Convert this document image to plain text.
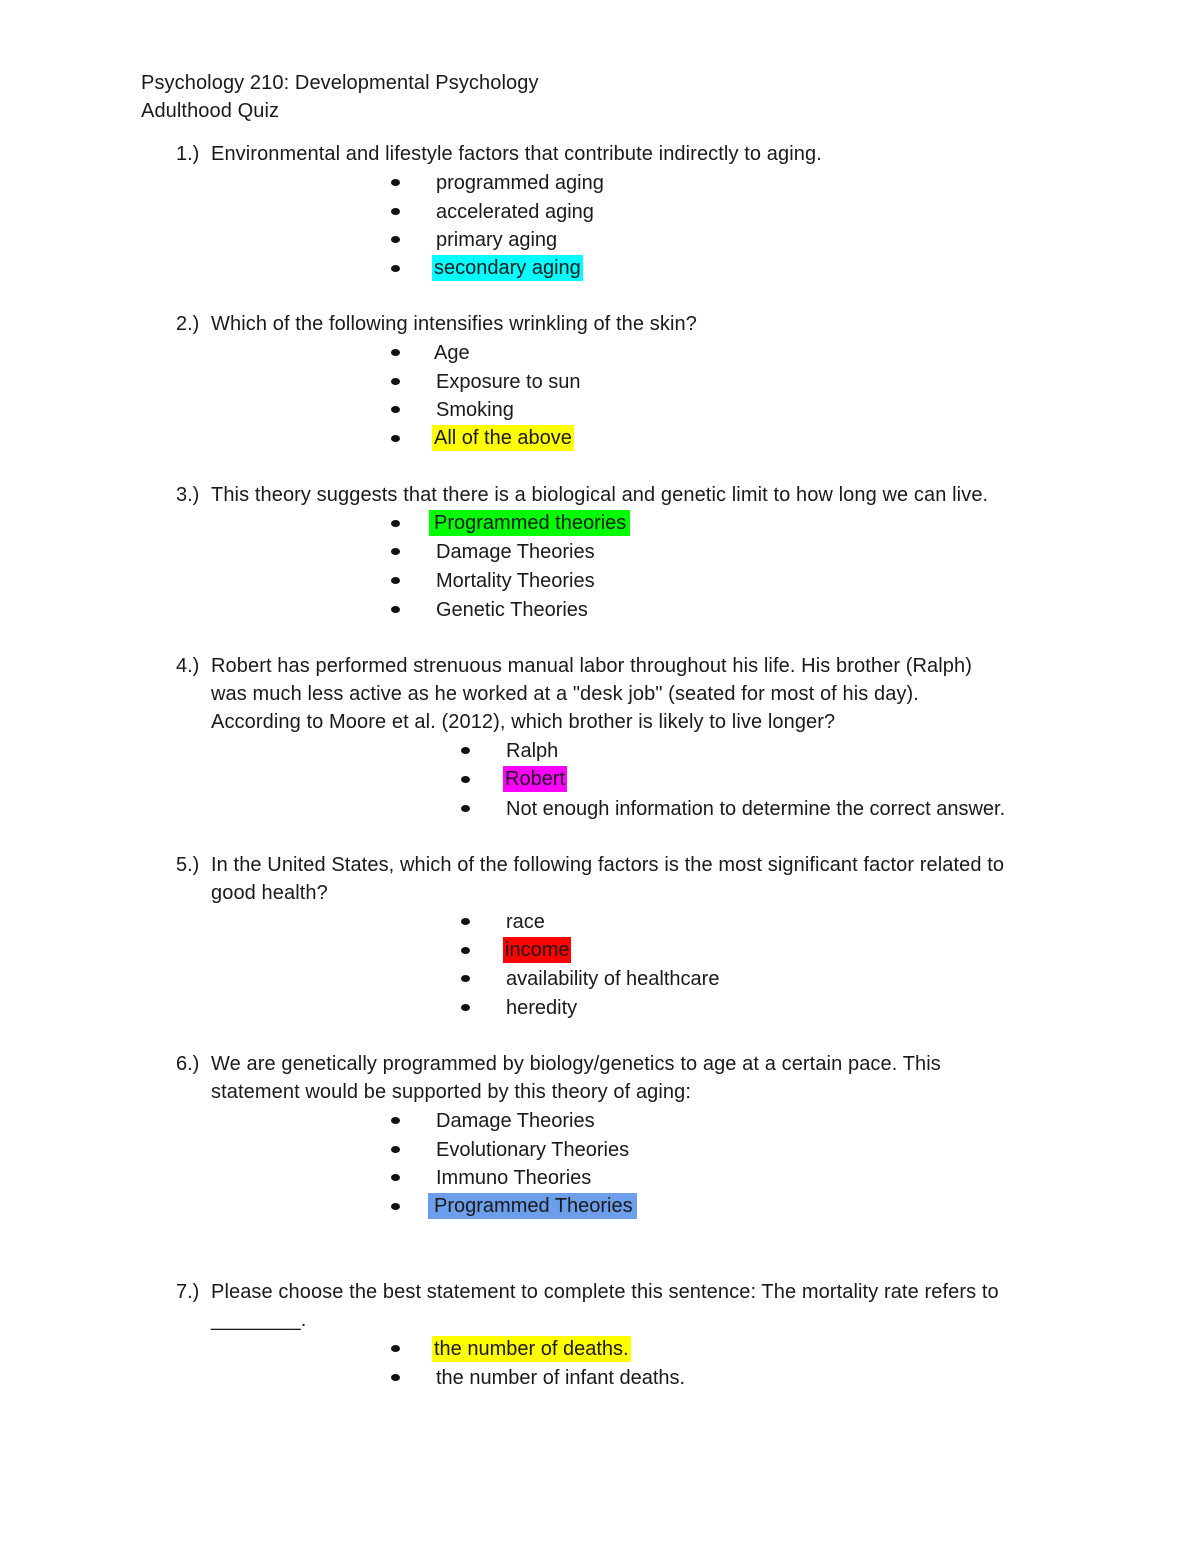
Psychology 210: Developmental Psychology
Adulthood Quiz
1.) Environmental and lifestyle factors that contribute indirectly to aging.
programmed aging
accelerated aging
primary aging
secondary aging
2.) Which of the following intensifies wrinkling of the skin?
Age
Exposure to sun
Smoking
All of the above
3.) This theory suggests that there is a biological and genetic limit to how long we can live.
Programmed theories
Damage Theories
Mortality Theories
Genetic Theories
4.) Robert has performed strenuous manual labor throughout his life. His brother (Ralph)
was much less active as he worked at a "desk job" (seated for most of his day).
According to Moore et al. (2012), which brother is likely to live longer?
Ralph
Robert
Not enough information to determine the correct answer.
5.) In the United States, which of the following factors is the most significant factor related to
good health?
race
income
availability of healthcare
heredity
6.) We are genetically programmed by biology/genetics to age at a certain pace. This
statement would be supported by this theory of aging:
Damage Theories
Evolutionary Theories
Immuno Theories
Programmed Theories
7.) Please choose the best statement to complete this sentence: The mortality rate refers to
________.
the number of deaths.
the number of infant deaths.
